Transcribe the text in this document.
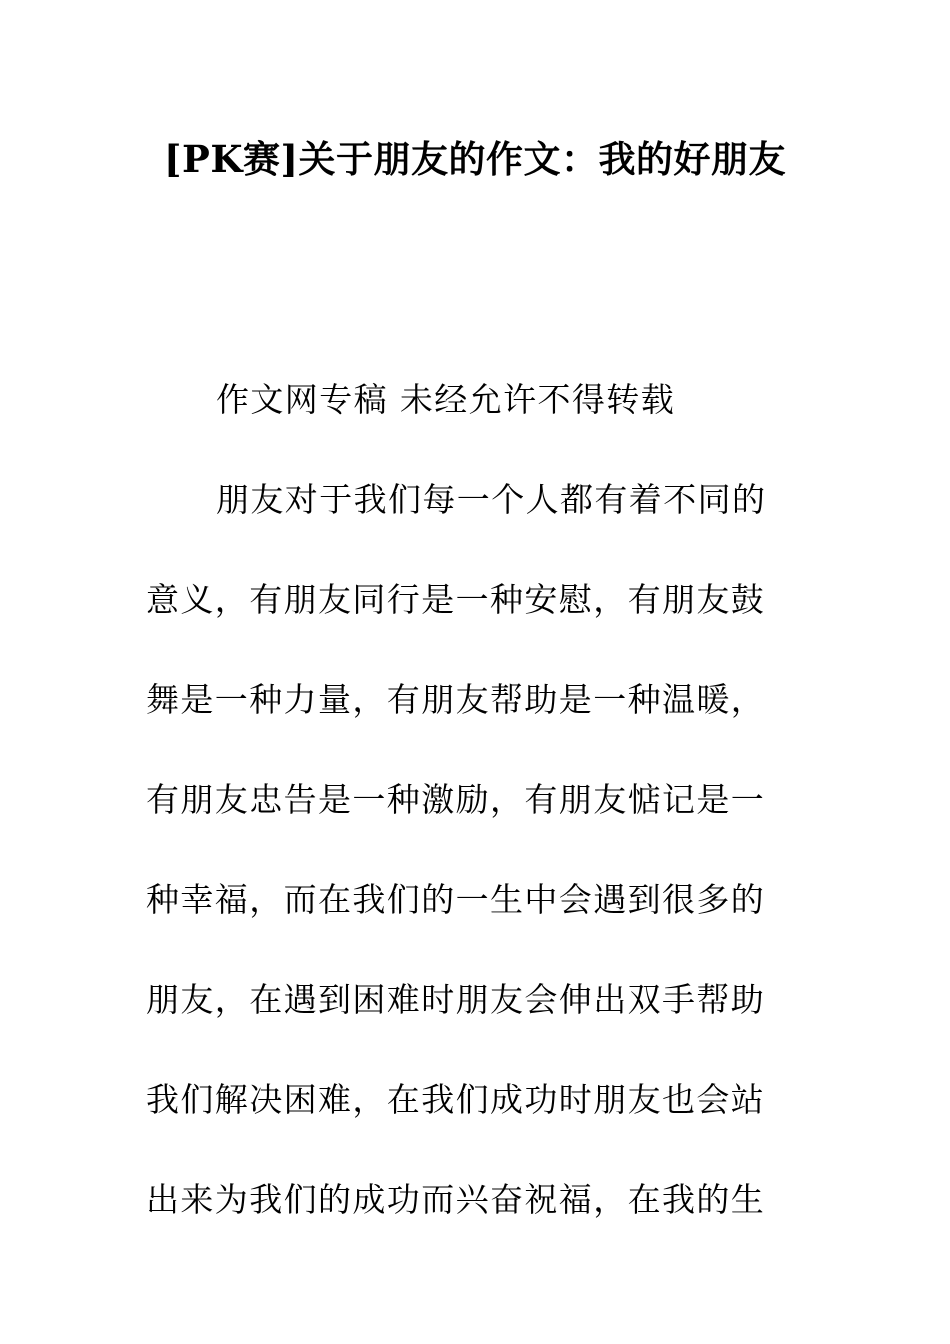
[PK赛]关于朋友的作文：我的好朋友
作文网专稿 未经允许不得转载
朋友对于我们每一个人都有着不同的
意义，有朋友同行是一种安慰，有朋友鼓
舞是一种力量，有朋友帮助是一种温暖，
有朋友忠告是一种激励，有朋友惦记是一
种幸福，而在我们的一生中会遇到很多的
朋友，在遇到困难时朋友会伸出双手帮助
我们解决困难，在我们成功时朋友也会站
出来为我们的成功而兴奋祝福，在我的生
